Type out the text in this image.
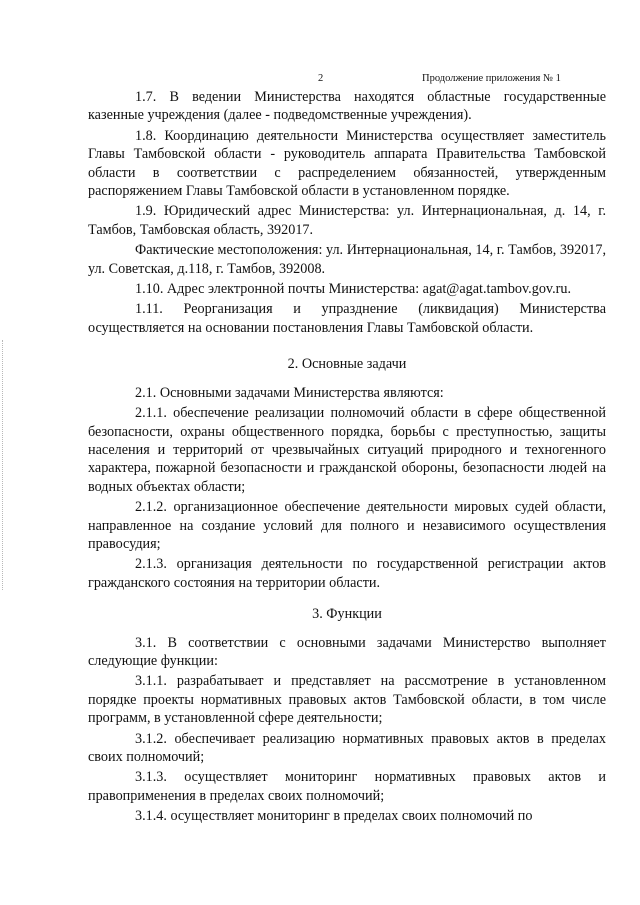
2	Продолжение приложения № 1

1.7. В ведении Министерства находятся областные государственные казенные учреждения (далее - подведомственные учреждения).

1.8. Координацию деятельности Министерства осуществляет заместитель Главы Тамбовской области - руководитель аппарата Правительства Тамбовской области в соответствии с распределением обязанностей, утвержденным распоряжением Главы Тамбовской области в установленном порядке.

1.9. Юридический адрес Министерства: ул. Интернациональная, д. 14, г. Тамбов, Тамбовская область, 392017.

Фактические местоположения: ул. Интернациональная, 14, г. Тамбов, 392017, ул. Советская, д.118, г. Тамбов, 392008.

1.10. Адрес электронной почты Министерства: agat@agat.tambov.gov.ru.

1.11. Реорганизация и упразднение (ликвидация) Министерства осуществляется на основании постановления Главы Тамбовской области.

2. Основные задачи

2.1. Основными задачами Министерства являются:

2.1.1. обеспечение реализации полномочий области в сфере общественной безопасности, охраны общественного порядка, борьбы с преступностью, защиты населения и территорий от чрезвычайных ситуаций природного и техногенного характера, пожарной безопасности и гражданской обороны, безопасности людей на водных объектах области;

2.1.2. организационное обеспечение деятельности мировых судей области, направленное на создание условий для полного и независимого осуществления правосудия;

2.1.3. организация деятельности по государственной регистрации актов гражданского состояния на территории области.

3. Функции

3.1. В соответствии с основными задачами Министерство выполняет следующие функции:

3.1.1. разрабатывает и представляет на рассмотрение в установленном порядке проекты нормативных правовых актов Тамбовской области, в том числе программ, в установленной сфере деятельности;

3.1.2. обеспечивает реализацию нормативных правовых актов в пределах своих полномочий;

3.1.3. осуществляет мониторинг нормативных правовых актов и правоприменения в пределах своих полномочий;

3.1.4. осуществляет мониторинг в пределах своих полномочий по
